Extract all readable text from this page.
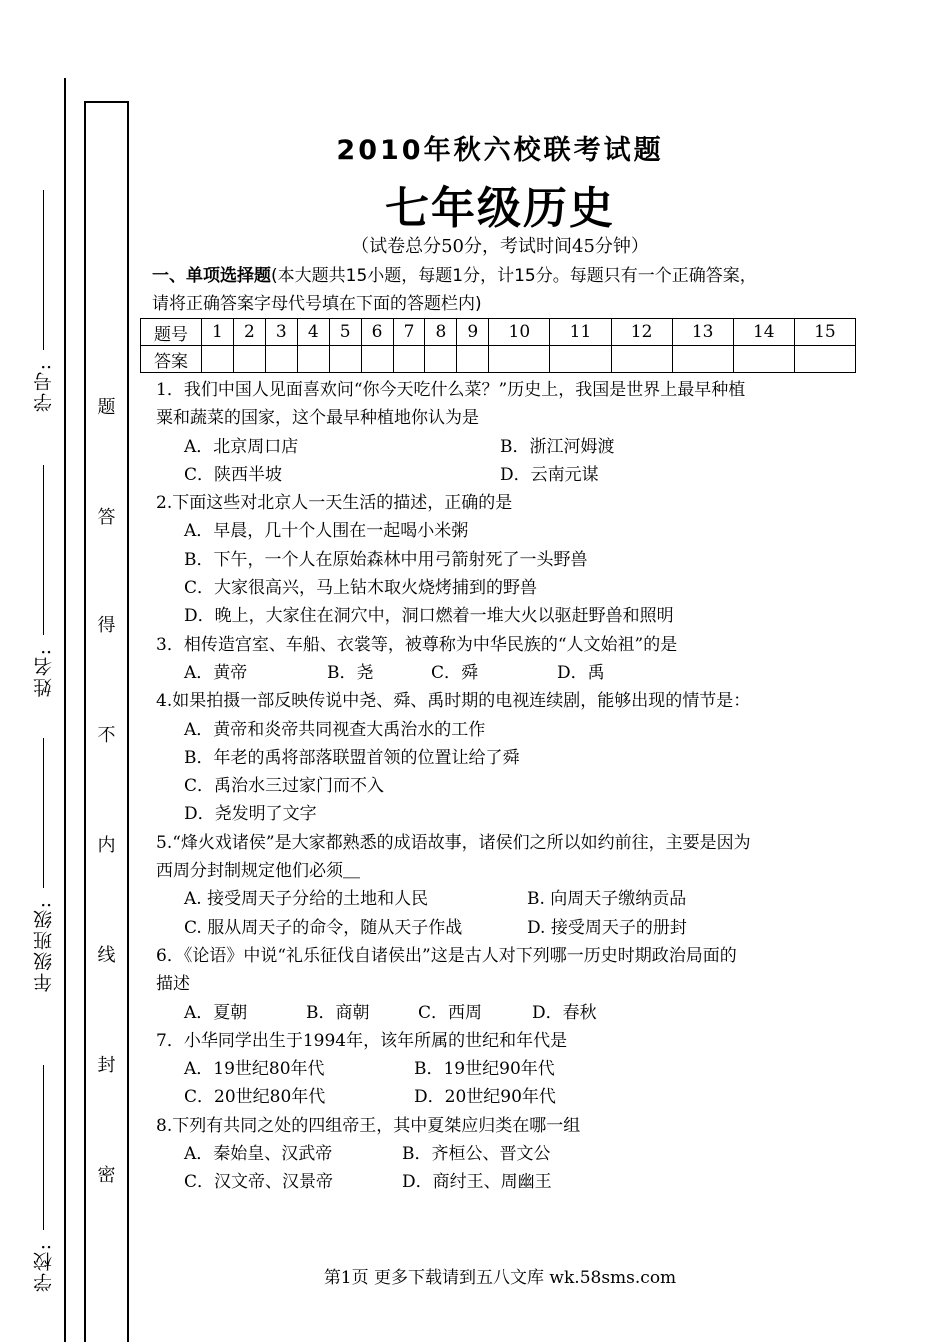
学号:
姓名:
年级班级:
学校:
题
答
得
不
内
线
封
密
2010年秋六校联考试题
七年级历史
（试卷总分50分，考试时间45分钟）
一、单项选择题(本大题共15小题，每题1分，计15分。每题只有一个正确答案，
请将正确答案字母代号填在下面的答题栏内)
题号	1	2	3	4	5	6	7	8	9	10	11	12	13	14	15
答案															
1．我们中国人见面喜欢问“你今天吃什么菜？”历史上，我国是世界上最早种植
粟和蔬菜的国家，这个最早种植地你认为是
A．北京周口店	B．浙江河姆渡
C．陕西半坡	D．云南元谋
2.下面这些对北京人一天生活的描述，正确的是
A．早晨，几十个人围在一起喝小米粥
B．下午，一个人在原始森林中用弓箭射死了一头野兽
C．大家很高兴，马上钻木取火烧烤捕到的野兽
D．晚上，大家住在洞穴中，洞口燃着一堆大火以驱赶野兽和照明
3．相传造宫室、车船、衣裳等，被尊称为中华民族的“人文始祖”的是
A．黄帝	B．尧	C．舜	D．禹
4.如果拍摄一部反映传说中尧、舜、禹时期的电视连续剧，能够出现的情节是：
A．黄帝和炎帝共同视查大禹治水的工作
B．年老的禹将部落联盟首领的位置让给了舜
C．禹治水三过家门而不入
D．尧发明了文字
5.“烽火戏诸侯”是大家都熟悉的成语故事，诸侯们之所以如约前往，主要是因为
西周分封制规定他们必须＿
A. 接受周天子分给的土地和人民	B. 向周天子缴纳贡品
C. 服从周天子的命令，随从天子作战	D. 接受周天子的册封
6．《论语》中说“礼乐征伐自诸侯出”这是古人对下列哪一历史时期政治局面的
描述
A．夏朝	B．商朝	C．西周	D．春秋
7．小华同学出生于1994年，该年所属的世纪和年代是
A．19世纪80年代	B．19世纪90年代
C．20世纪80年代	D．20世纪90年代
8.下列有共同之处的四组帝王，其中夏桀应归类在哪一组
A．秦始皇、汉武帝	B．齐桓公、晋文公
C．汉文帝、汉景帝	D．商纣王、周幽王
第1页 更多下载请到五八文库 wk.58sms.com
